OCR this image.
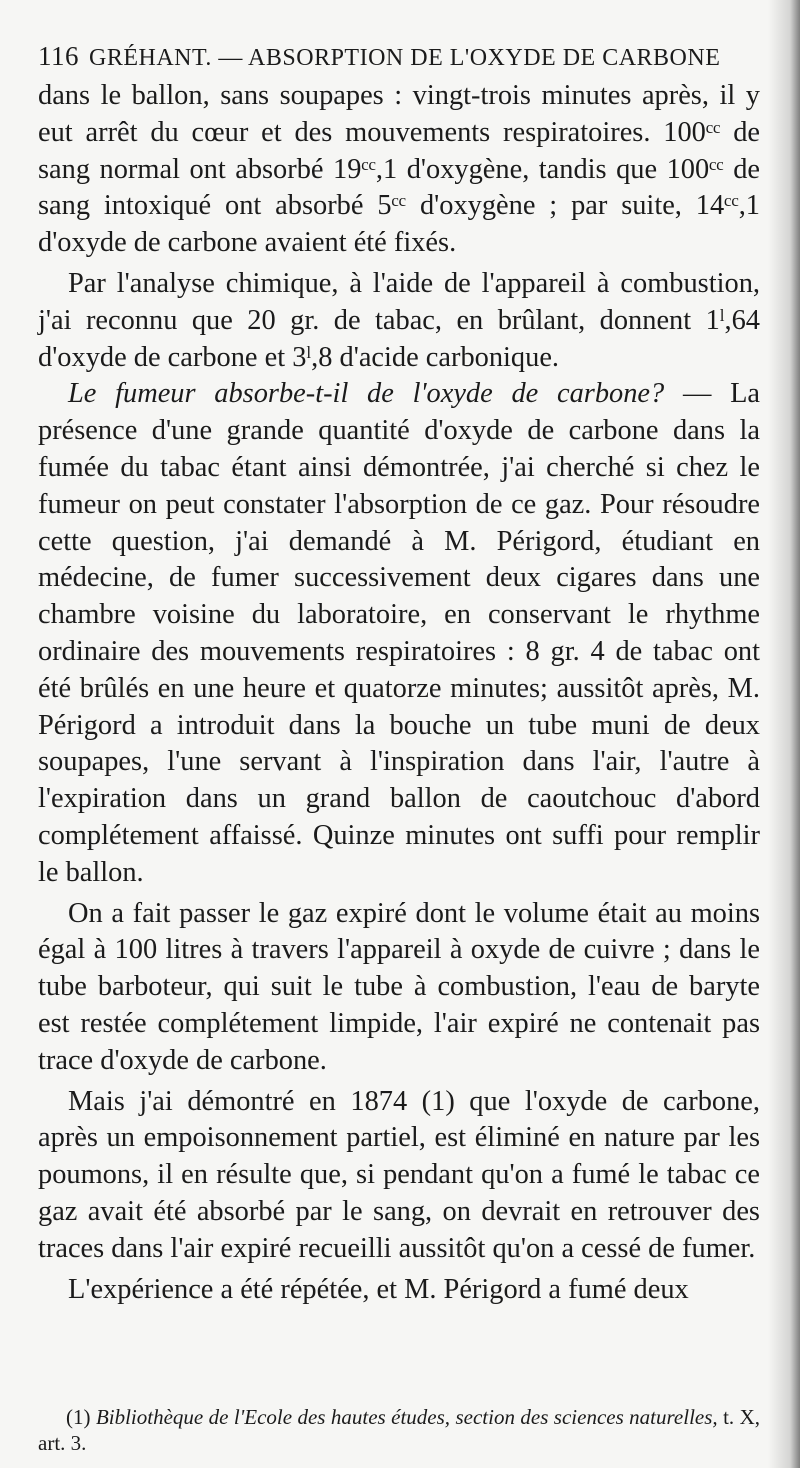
116 GRÉHANT. — ABSORPTION DE L'OXYDE DE CARBONE

dans le ballon, sans soupapes : vingt-trois minutes après, il y eut arrêt du cœur et des mouvements respiratoires. 100ᶜᶜ de sang normal ont absorbé 19ᶜᶜ,1 d'oxygène, tandis que 100ᶜᶜ de sang intoxiqué ont absorbé 5ᶜᶜ d'oxygène ; par suite, 14ᶜᶜ,1 d'oxyde de carbone avaient été fixés.

Par l'analyse chimique, à l'aide de l'appareil à combustion, j'ai reconnu que 20 gr. de tabac, en brûlant, donnent 1ˡ,64 d'oxyde de carbone et 3ˡ,8 d'acide carbonique.

Le fumeur absorbe-t-il de l'oxyde de carbone? — La présence d'une grande quantité d'oxyde de carbone dans la fumée du tabac étant ainsi démontrée, j'ai cherché si chez le fumeur on peut constater l'absorption de ce gaz. Pour résoudre cette question, j'ai demandé à M. Périgord, étudiant en médecine, de fumer successivement deux cigares dans une chambre voisine du laboratoire, en conservant le rhythme ordinaire des mouvements respiratoires : 8 gr. 4 de tabac ont été brûlés en une heure et quatorze minutes; aussitôt après, M. Périgord a introduit dans la bouche un tube muni de deux soupapes, l'une servant à l'inspiration dans l'air, l'autre à l'expiration dans un grand ballon de caoutchouc d'abord complétement affaissé. Quinze minutes ont suffi pour remplir le ballon.

On a fait passer le gaz expiré dont le volume était au moins égal à 100 litres à travers l'appareil à oxyde de cuivre ; dans le tube barboteur, qui suit le tube à combustion, l'eau de baryte est restée complétement limpide, l'air expiré ne contenait pas trace d'oxyde de carbone.

Mais j'ai démontré en 1874 (1) que l'oxyde de carbone, après un empoisonnement partiel, est éliminé en nature par les poumons, il en résulte que, si pendant qu'on a fumé le tabac ce gaz avait été absorbé par le sang, on devrait en retrouver des traces dans l'air expiré recueilli aussitôt qu'on a cessé de fumer.

L'expérience a été répétée, et M. Périgord a fumé deux

(1) Bibliothèque de l'Ecole des hautes études, section des sciences naturelles, t. X, art. 3.
